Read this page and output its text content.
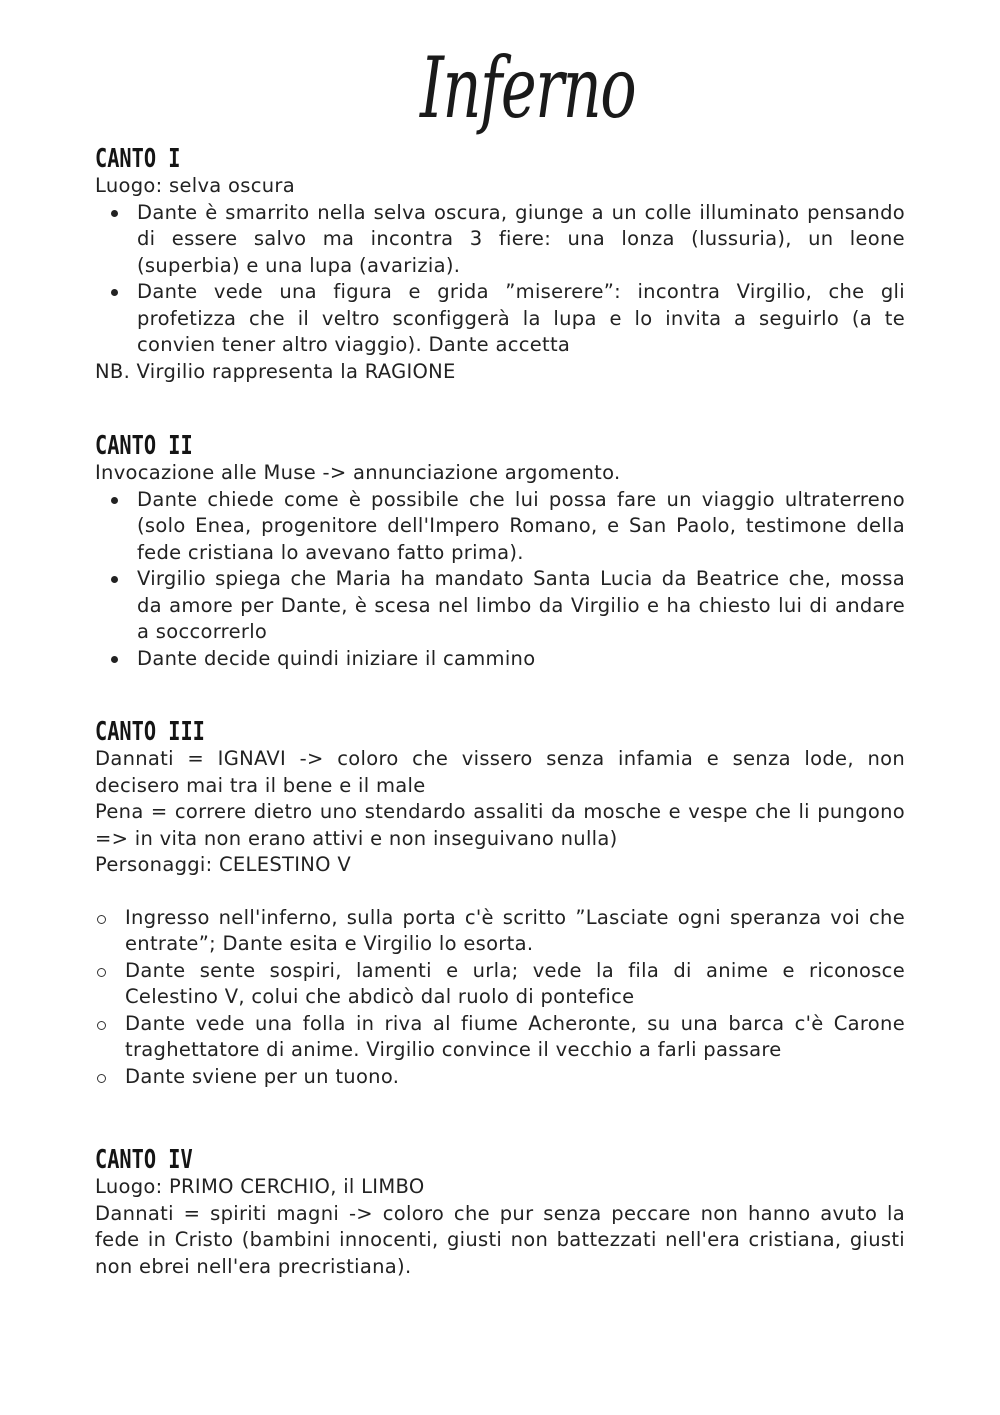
Inferno
CANTO I
Luogo: selva oscura
Dante è smarrito nella selva oscura, giunge a un colle illuminato pensando di essere salvo ma incontra 3 fiere: una lonza (lussuria), un leone (superbia) e una lupa (avarizia).
Dante vede una figura e grida ”miserere”: incontra Virgilio, che gli profetizza che il veltro sconfiggerà la lupa e lo invita a seguirlo (a te convien tener altro viaggio). Dante accetta
NB. Virgilio rappresenta la RAGIONE
CANTO II
Invocazione alle Muse -> annunciazione argomento.
Dante chiede come è possibile che lui possa fare un viaggio ultraterreno (solo Enea, progenitore dell'Impero Romano, e San Paolo, testimone della fede cristiana lo avevano fatto prima).
Virgilio spiega che Maria ha mandato Santa Lucia da Beatrice che, mossa da amore per Dante, è scesa nel limbo da Virgilio e ha chiesto lui di andare a soccorrerlo
Dante decide quindi iniziare il cammino
CANTO III
Dannati = IGNAVI -> coloro che vissero senza infamia e senza lode, non decisero mai tra il bene e il male
Pena = correre dietro uno stendardo assaliti da mosche e vespe che li pungono => in vita non erano attivi e non inseguivano nulla)
Personaggi: CELESTINO V
Ingresso nell'inferno, sulla porta c'è scritto ”Lasciate ogni speranza voi che entrate”; Dante esita e Virgilio lo esorta.
Dante sente sospiri, lamenti e urla; vede la fila di anime e riconosce Celestino V, colui che abdicò dal ruolo di pontefice
Dante vede una folla in riva al fiume Acheronte, su una barca c'è Carone traghettatore di anime. Virgilio convince il vecchio a farli passare
Dante sviene per un tuono.
CANTO IV
Luogo: PRIMO CERCHIO, il LIMBO
Dannati = spiriti magni -> coloro che pur senza peccare non hanno avuto la fede in Cristo (bambini innocenti, giusti non battezzati nell'era cristiana, giusti non ebrei nell'era precristiana).
